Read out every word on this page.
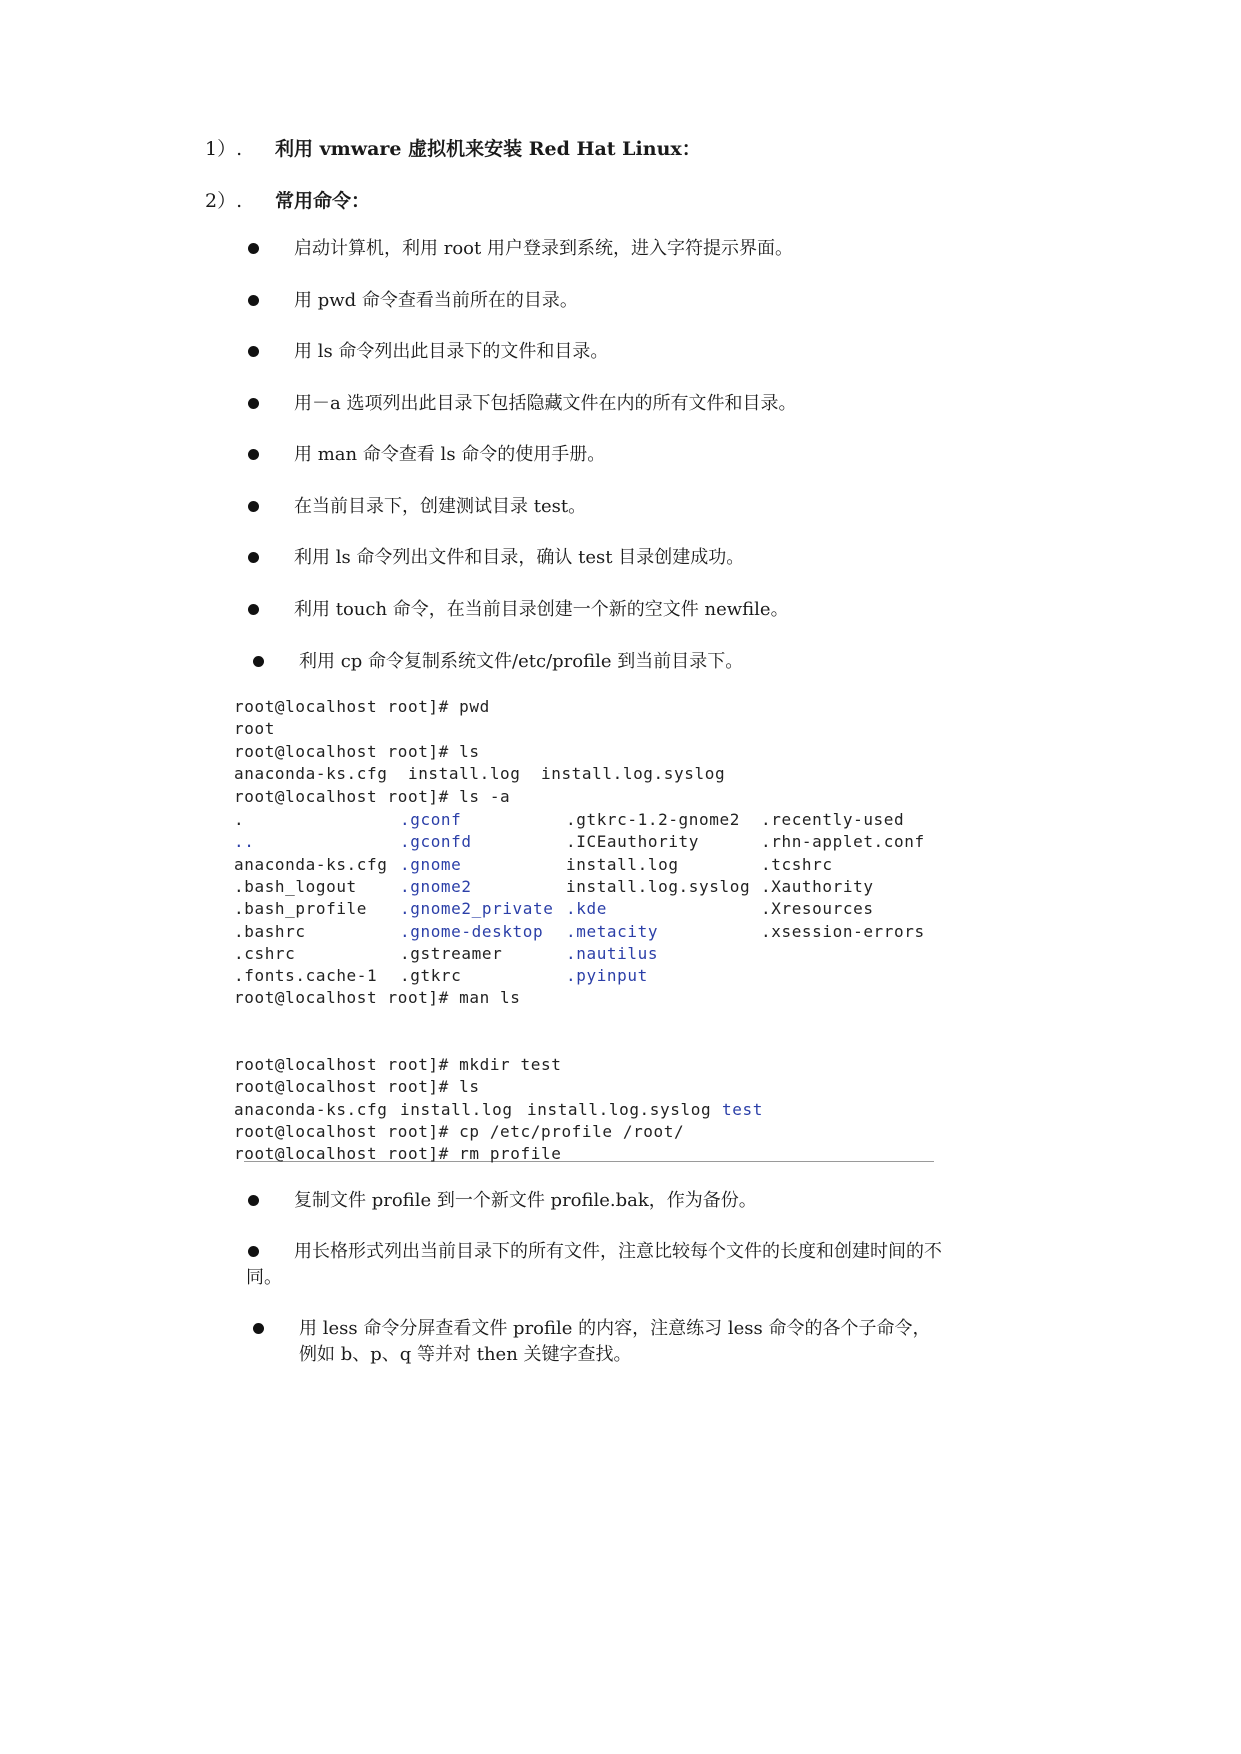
1）. 利用 vmware 虚拟机来安装 Red Hat Linux：
2）. 常用命令：
启动计算机，利用 root 用户登录到系统，进入字符提示界面。
用 pwd 命令查看当前所在的目录。
用 ls 命令列出此目录下的文件和目录。
用－a 选项列出此目录下包括隐藏文件在内的所有文件和目录。
用 man 命令查看 ls 命令的使用手册。
在当前目录下，创建测试目录 test。
利用 ls 命令列出文件和目录，确认 test 目录创建成功。
利用 touch 命令，在当前目录创建一个新的空文件 newfile。
利用 cp 命令复制系统文件/etc/profile 到当前目录下。
root@localhost root]# pwd
root
root@localhost root]# ls
anaconda-ks.cfg  install.log  install.log.syslog
root@localhost root]# ls -a
.	.gconf	.gtkrc-1.2-gnome2 .recently-used
..	.gconfd	.ICEauthority	.rhn-applet.conf
anaconda-ks.cfg .gnome	install.log	.tcshrc
.bash_logout	.gnome2	install.log.syslog .Xauthority
.bash_profile .gnome2_private .kde	.Xresources
.bashrc	.gnome-desktop .metacity	.xsession-errors
.cshrc	.gstreamer	.nautilus
.fonts.cache-1 .gtkrc	.pyinput
root@localhost root]# man ls
root@localhost root]# mkdir test
root@localhost root]# ls
anaconda-ks.cfg install.log install.log.syslog test
root@localhost root]# cp /etc/profile /root/
root@localhost root]# rm profile
复制文件 profile 到一个新文件 profile.bak，作为备份。
用长格形式列出当前目录下的所有文件，注意比较每个文件的长度和创建时间的不同。
用 less 命令分屏查看文件 profile 的内容，注意练习 less 命令的各个子命令，例如 b、p、q 等并对 then 关键字查找。
